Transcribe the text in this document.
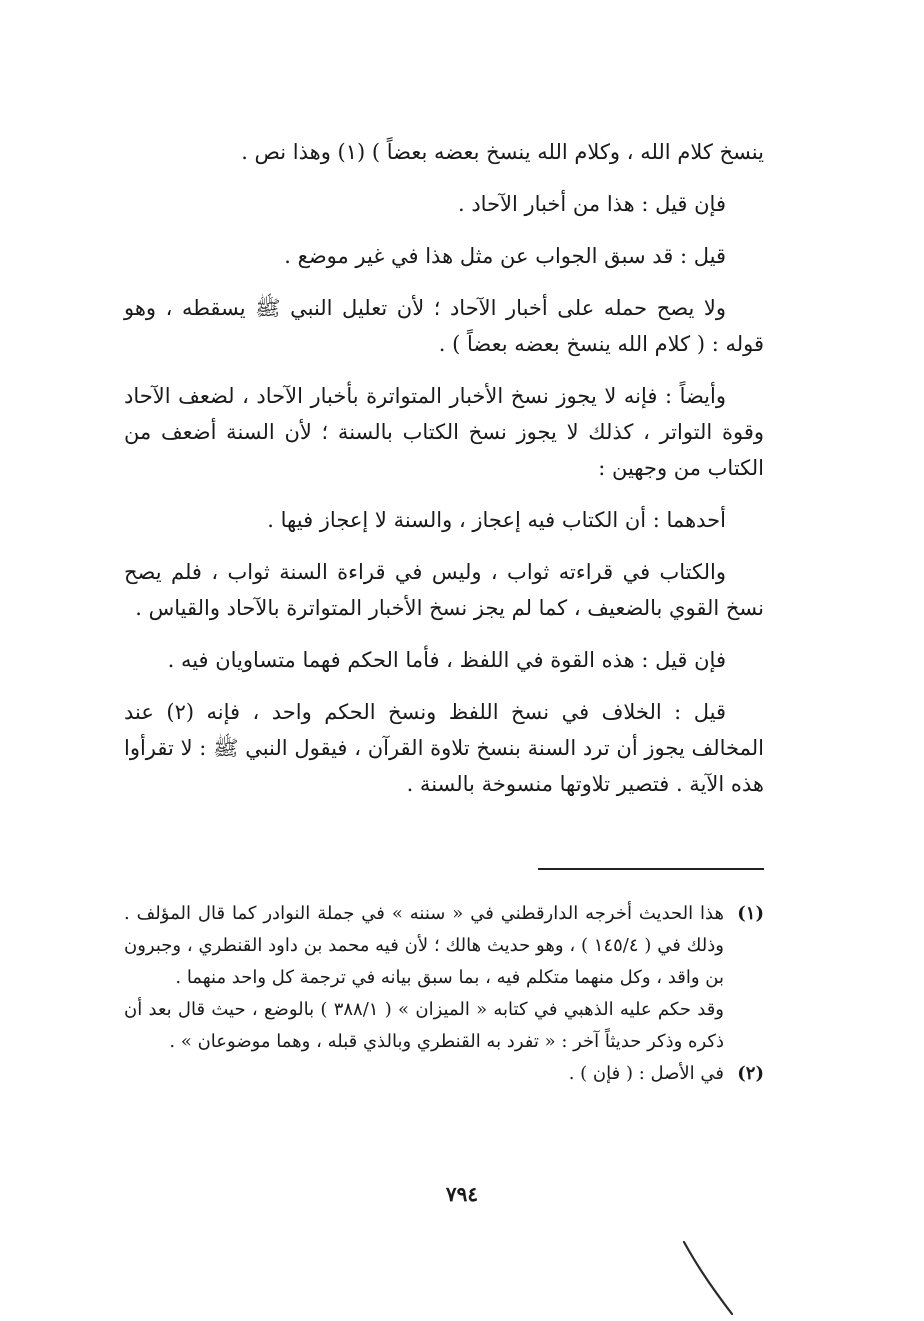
ينسخ كلام الله ، وكلام الله ينسخ بعضه بعضاً ) (١) وهذا نص .

فإن قيل : هذا من أخبار الآحاد .

قيل : قد سبق الجواب عن مثل هذا في غير موضع .

ولا يصح حمله على أخبار الآحاد ؛ لأن تعليل النبي ﷺ يسقطه ، وهو قوله : ( كلام الله ينسخ بعضه بعضاً ) .

وأيضاً : فإنه لا يجوز نسخ الأخبار المتواترة بأخبار الآحاد ، لضعف الآحاد وقوة التواتر ، كذلك لا يجوز نسخ الكتاب بالسنة ؛ لأن السنة أضعف من الكتاب من وجهين :

أحدهما : أن الكتاب فيه إعجاز ، والسنة لا إعجاز فيها .

والكتاب في قراءته ثواب ، وليس في قراءة السنة ثواب ، فلم يصح نسخ القوي بالضعيف ، كما لم يجز نسخ الأخبار المتواترة بالآحاد والقياس .

فإن قيل : هذه القوة في اللفظ ، فأما الحكم فهما متساويان فيه .

قيل : الخلاف في نسخ اللفظ ونسخ الحكم واحد ، فإنه (٢) عند المخالف يجوز أن ترد السنة بنسخ تلاوة القرآن ، فيقول النبي ﷺ : لا تقرأوا هذه الآية . فتصير تلاوتها منسوخة بالسنة .

(١)

هذا الحديث أخرجه الدارقطني في « سننه » في جملة النوادر كما قال المؤلف . وذلك في ( ١٤٥/٤ ) ، وهو حديث هالك ؛ لأن فيه محمد بن داود القنطري ، وجبرون بن واقد ، وكل منهما متكلم فيه ، بما سبق بيانه في ترجمة كل واحد منهما .

وقد حكم عليه الذهبي في كتابه « الميزان » ( ٣٨٨/١ ) بالوضع ، حيث قال بعد أن ذكره وذكر حديثاً آخر : « تفرد به القنطري وبالذي قبله ، وهما موضوعان » .

(٢)

في الأصل : ( فإن ) .

٧٩٤
